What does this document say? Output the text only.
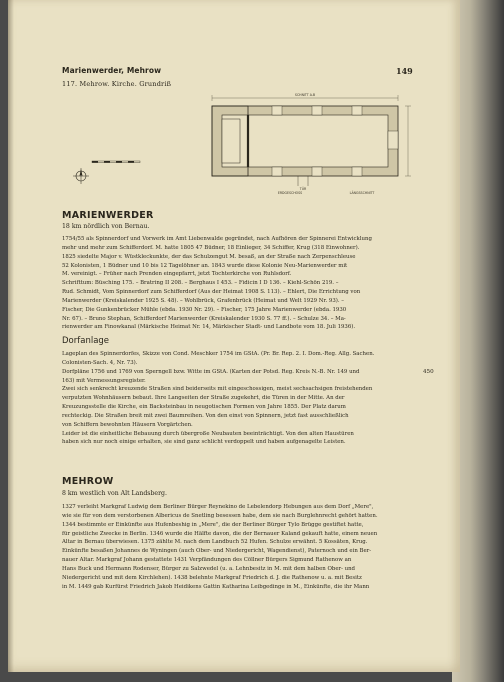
Marienwerder, Mehrow	149
117. Mehrow. Kirche. Grundriß
SCHNITT A-B
TÜR
ERDGESCHOSS	LÄNGSSCHNITT
MARIENWERDER
18 km nördlich von Bernau.
1754/55 als Spinnerdorf und Vorwerk im Amt Liebenwalde gegründet, nach Aufhören der Spinnerei Entwicklung
mehr und mehr zum Schifferdorf. M. hatte 1805 47 Büdner, 18 Einlieger, 34 Schiffer, Krug (318 Einwohner).
1825 siedelte Major v. Wüstkleckunkte, der das Schulzengut M. besaß, an der Straße nach Zerpenschleuse
52 Kolonisten, 1 Büdner und 10 bis 12 Tagelöhner an. 1843 wurde diese Kolonie Neu-Marienwerder mit
M. vereinigt. – Früher nach Prenden eingepfarrt, jetzt Tochterkirche von Ruhlsdorf.
Schrifttum: Büsching 175. – Bratring II 208. – Berghaus I 453. – Fidicin I D 136. – Kiehl-Schön 219. –
Rud. Schmidt, Vom Spinnerdorf zum Schifferdorf (Aus der Heimat 1908 S. 113). – Ehlert, Die Errichtung von
Marienwerder (Kreiskalender 1925 S. 48). – Wohlbrück, Grafenbrück (Heimat und Welt 1929 Nr. 93). –
Fischer, Die Gunkenbrücker Mühle (ebda. 1930 Nr. 29). – Fischer, 175 Jahre Marienwerder (ebda. 1930
Nr. 67). – Bruno Stephan, Schifferdorf Marienwerder (Kreiskalender 1930 S. 77 ff.). – Schulze 34. – Ma-
rienwerder am Finowkanal (Märkische Heimat Nr. 14, Märkischer Stadt- und Landbote vom 18. Juli 1936).
Dorfanlage
Lageplan des Spinnerdorfes, Skizze von Cond. Meschker 1754 im GStA. (Pr. Br. Rep. 2. I. Dom.-Reg. Allg. Sachen.
Colonisten-Sach. 4, Nr. 73).
Dorfpläne 1756 und 1769 von Sperngell bzw. Witte im GStA. (Karten der Potsd. Reg. Kreis N.-B. Nr. 149 und
163) mit Vermessungsregister.
Zwei sich senkrecht kreuzende Straßen sind beiderseits mit eingeschossigen, meist sechsachsigen freistehenden
verputzten Wohnhäusern bebaut. Ihre Langseiten der Straße zugekehrt, die Türen in der Mitte. An der
Kreuzungsstelle die Kirche, ein Backsteinbau in neugotischen Formen von Jahre 1855. Der Platz darum
rechteckig. Die Straßen breit mit zwei Baumreihen. Von den einst von Spinnern, jetzt fast ausschließlich
von Schiffern bewohnten Häusern Vorgärtchen.
Leider ist die einheitliche Bebauung durch übergroße Neubauten beeinträchtigt. Von den alten Haustüren
haben sich nur noch einige erhalten, sie sind ganz schlicht verdoppelt und haben aufgenagelte Leisten.
450
MEHROW
8 km westlich von Alt Landsberg.
1327 verleiht Markgraf Ludwig dem Berliner Bürger Reynekino de Lebelendorp Hebungen aus dem Dorf „Mere",
wie sie für von dem verstorbenen Albericus de Snetling besessen habe, dem sie nach Burglehnrecht gehört hatten.
1344 bestimmte er Einkünfte aus Hufenbeshig in „Mere", die der Berliner Bürger Tylo Brügge gestiftet hatte,
für geistliche Zwecke in Berlin. 1346 wurde die Hälfte davon, die der Bernauer Kaland gekauft hatte, einem neuen
Altar in Bernau überwiesen. 1375 zählte M. nach dem Landbuch 52 Hufen. Schulze erwähnt. 5 Kossäten, Krug.
Einkünfte besaßen Johannes de Wyningen (auch Ober- und Niedergericht, Wagendienst), Paternoch und ein Ber-
nauer Altar. Markgraf Johann gestattete 1431 Verpfändungen des Cöllner Bürgers Sigmund Rathenow an
Hans Buck und Hermann Rodenser, Bürger zu Salzwedel (u. a. Lehnbesitz in M. mit dem halben Ober- und
Niedergericht und mit dem Kirchlehen). 1438 belehnte Markgraf Friedrich d. J. die Rathenow u. a. mit Besitz
in M. 1449 gab Kurfürst Friedrich Jakob Heidikens Gattin Katharina Leibgedinge in M., Einkünfte, die ihr Mann
